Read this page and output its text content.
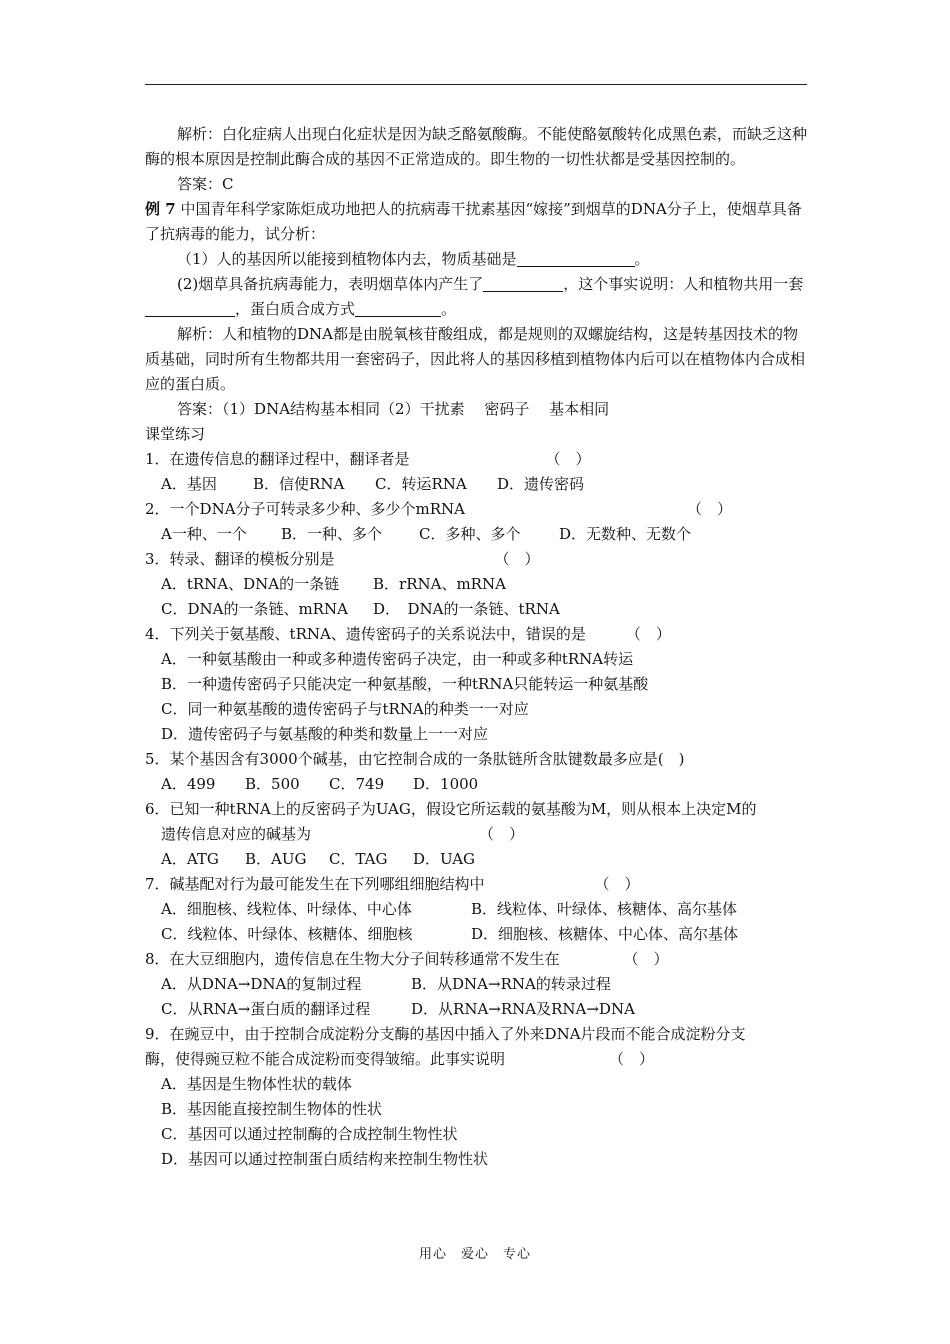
解析：白化症病人出现白化症状是因为缺乏酪氨酸酶。不能使酪氨酸转化成黑色素，而缺乏这种酶的根本原因是控制此酶合成的基因不正常造成的。即生物的一切性状都是受基因控制的。

答案：C

例 7 中国青年科学家陈炬成功地把人的抗病毒干扰素基因“嫁接”到烟草的DNA分子上，使烟草具备了抗病毒的能力，试分析：

（1）人的基因所以能接到植物体内去，物质基础是	。

(2)烟草具备抗病毒能力，表明烟草体内产生了	，这个事实说明：人和植物共用一套，蛋白质合成方式	。

解析：人和植物的DNA都是由脱氧核苷酸组成，都是规则的双螺旋结构，这是转基因技术的物质基础，同时所有生物都共用一套密码子，因此将人的基因移植到植物体内后可以在植物体内合成相应的蛋白质。

答案：（1）DNA结构基本相同（2）干扰素　 密码子　 基本相同

课堂练习

1．在遗传信息的翻译过程中，翻译者是	（　）
A．基因	B．信使RNA	C．转运RNA	D．遗传密码
2．一个DNA分子可转录多少种、多少个mRNA	（　）
A一种、一个	B．一种、多个	C．多种、多个	D．无数种、无数个
3．转录、翻译的模板分别是	（　）
A．tRNA、DNA的一条链	B．rRNA、mRNA
C．DNA的一条链、mRNA	D．　DNA的一条链、tRNA
4．下列关于氨基酸、tRNA、遗传密码子的关系说法中，错误的是	（　）
A．一种氨基酸由一种或多种遗传密码子决定，由一种或多种tRNA转运
B．一种遗传密码子只能决定一种氨基酸，一种tRNA只能转运一种氨基酸
C．同一种氨基酸的遗传密码子与tRNA的种类一一对应
D．遗传密码子与氨基酸的种类和数量上一一对应
5．某个基因含有3000个碱基，由它控制合成的一条肽链所含肽键数最多应是(　)
A．499	B．500	C．749	D．1000
6．已知一种tRNA上的反密码子为UAG，假设它所运载的氨基酸为M，则从根本上决定M的
遗传信息对应的碱基为	（　）
A．ATG	B．AUG	C．TAG	D．UAG
7．碱基配对行为最可能发生在下列哪组细胞结构中	（　）
A．细胞核、线粒体、叶绿体、中心体	B．线粒体、叶绿体、核糖体、高尔基体
C．线粒体、叶绿体、核糖体、细胞核	D．细胞核、核糖体、中心体、高尔基体
8．在大豆细胞内，遗传信息在生物大分子间转移通常不发生在	（　）
A．从DNA→DNA的复制过程	B．从DNA→RNA的转录过程
C．从RNA→蛋白质的翻译过程	D．从RNA→RNA及RNA→DNA
9．在豌豆中，由于控制合成淀粉分支酶的基因中插入了外来DNA片段而不能合成淀粉分支
酶，使得豌豆粒不能合成淀粉而变得皱缩。此事实说明	（　）
A．基因是生物体性状的载体
B．基因能直接控制生物体的性状
C．基因可以通过控制酶的合成控制生物性状
D．基因可以通过控制蛋白质结构来控制生物性状
用心　爱心　专心
